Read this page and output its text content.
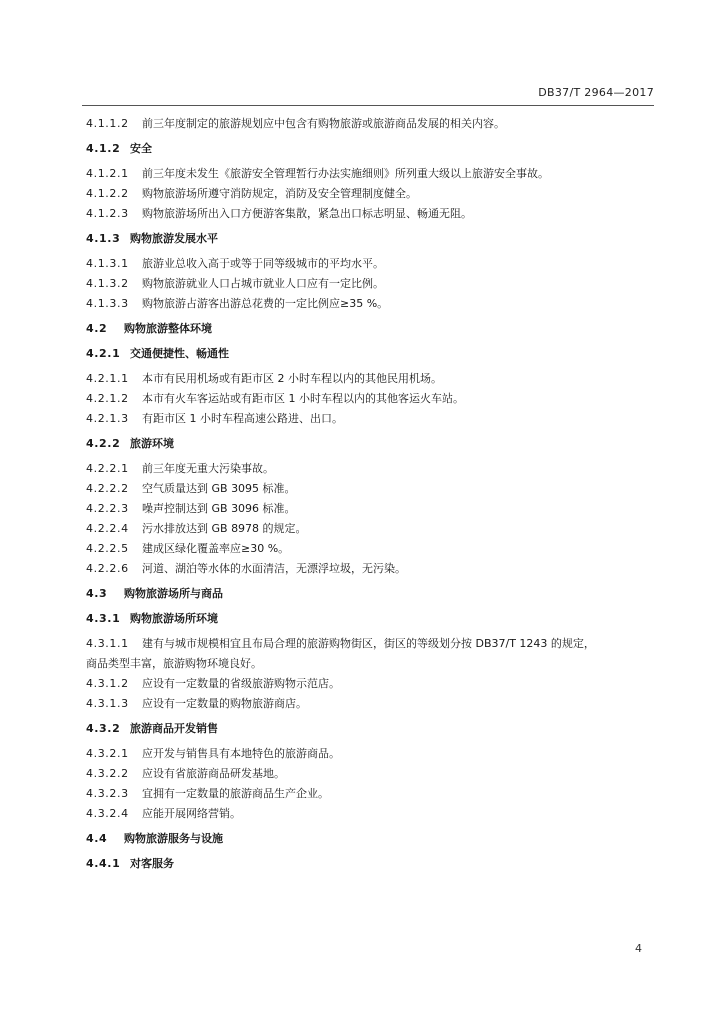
DB37/T 2964—2017
4.1.1.2 前三年度制定的旅游规划应中包含有购物旅游或旅游商品发展的相关内容。
4.1.2 安全
4.1.2.1 前三年度未发生《旅游安全管理暂行办法实施细则》所列重大级以上旅游安全事故。
4.1.2.2 购物旅游场所遵守消防规定，消防及安全管理制度健全。
4.1.2.3 购物旅游场所出入口方便游客集散，紧急出口标志明显、畅通无阻。
4.1.3 购物旅游发展水平
4.1.3.1 旅游业总收入高于或等于同等级城市的平均水平。
4.1.3.2 购物旅游就业人口占城市就业人口应有一定比例。
4.1.3.3 购物旅游占游客出游总花费的一定比例应≥35 %。
4.2 购物旅游整体环境
4.2.1 交通便捷性、畅通性
4.2.1.1 本市有民用机场或有距市区 2 小时车程以内的其他民用机场。
4.2.1.2 本市有火车客运站或有距市区 1 小时车程以内的其他客运火车站。
4.2.1.3 有距市区 1 小时车程高速公路进、出口。
4.2.2 旅游环境
4.2.2.1 前三年度无重大污染事故。
4.2.2.2 空气质量达到 GB 3095 标准。
4.2.2.3 噪声控制达到 GB 3096 标准。
4.2.2.4 污水排放达到 GB 8978 的规定。
4.2.2.5 建成区绿化覆盖率应≥30 %。
4.2.2.6 河道、湖泊等水体的水面清洁，无漂浮垃圾，无污染。
4.3 购物旅游场所与商品
4.3.1 购物旅游场所环境
4.3.1.1 建有与城市规模相宜且布局合理的旅游购物街区，街区的等级划分按 DB37/T 1243 的规定，
商品类型丰富，旅游购物环境良好。
4.3.1.2 应设有一定数量的省级旅游购物示范店。
4.3.1.3 应设有一定数量的购物旅游商店。
4.3.2 旅游商品开发销售
4.3.2.1 应开发与销售具有本地特色的旅游商品。
4.3.2.2 应设有省旅游商品研发基地。
4.3.2.3 宜拥有一定数量的旅游商品生产企业。
4.3.2.4 应能开展网络营销。
4.4 购物旅游服务与设施
4.4.1 对客服务
4
